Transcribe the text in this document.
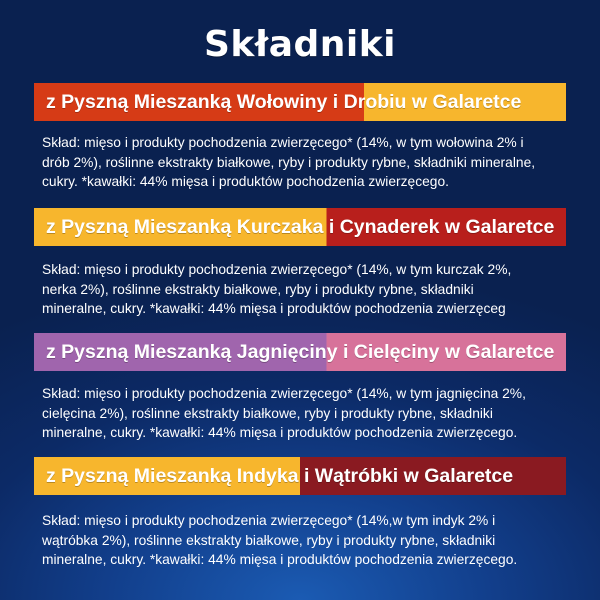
Składniki
z Pyszną Mieszanką Wołowiny i Drobiu w Galaretce
Skład: mięso i produkty pochodzenia zwierzęcego* (14%, w tym wołowina 2% i
drób 2%), roślinne ekstrakty białkowe, ryby i produkty rybne, składniki mineralne,
cukry. *kawałki: 44% mięsa i produktów pochodzenia zwierzęcego.
z Pyszną Mieszanką Kurczaka i Cynaderek w Galaretce
Skład: mięso i produkty pochodzenia zwierzęcego* (14%, w tym kurczak 2%,
nerka 2%), roślinne ekstrakty białkowe, ryby i produkty rybne, składniki
mineralne, cukry. *kawałki: 44% mięsa i produktów pochodzenia zwierzęceg
z Pyszną Mieszanką Jagnięciny i Cielęciny w Galaretce
Skład: mięso i produkty pochodzenia zwierzęcego* (14%, w tym jagnięcina 2%,
cielęcina 2%), roślinne ekstrakty białkowe, ryby i produkty rybne, składniki
mineralne, cukry. *kawałki: 44% mięsa i produktów pochodzenia zwierzęcego.
z Pyszną Mieszanką Indyka i Wątróbki w Galaretce
Skład: mięso i produkty pochodzenia zwierzęcego* (14%,w tym indyk 2% i
wątróbka 2%), roślinne ekstrakty białkowe, ryby i produkty rybne, składniki
mineralne, cukry. *kawałki: 44% mięsa i produktów pochodzenia zwierzęcego.
